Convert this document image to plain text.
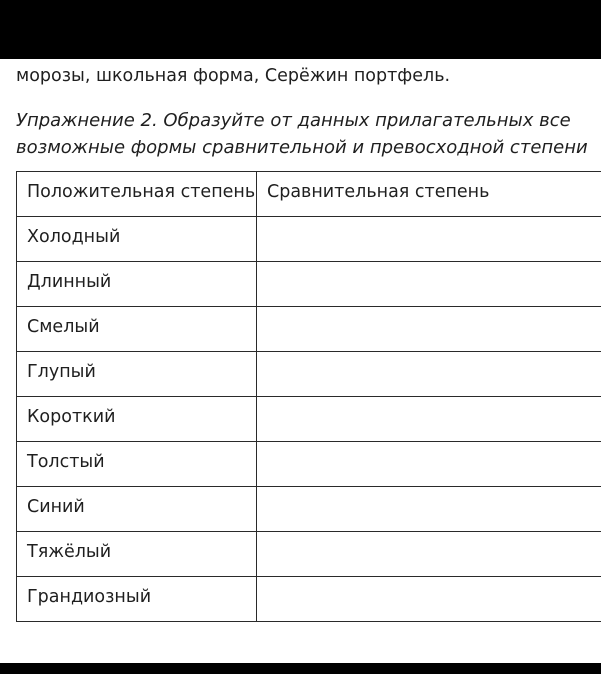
морозы, школьная форма, Серёжин портфель.

Упражнение 2. Образуйте от данных прилагательных все
возможные формы сравнительной и превосходной степени

Положительная степень	Сравнительная степень
Холодный	
Длинный	
Смелый	
Глупый	
Короткий	
Толстый	
Синий	
Тяжёлый	
Грандиозный	
